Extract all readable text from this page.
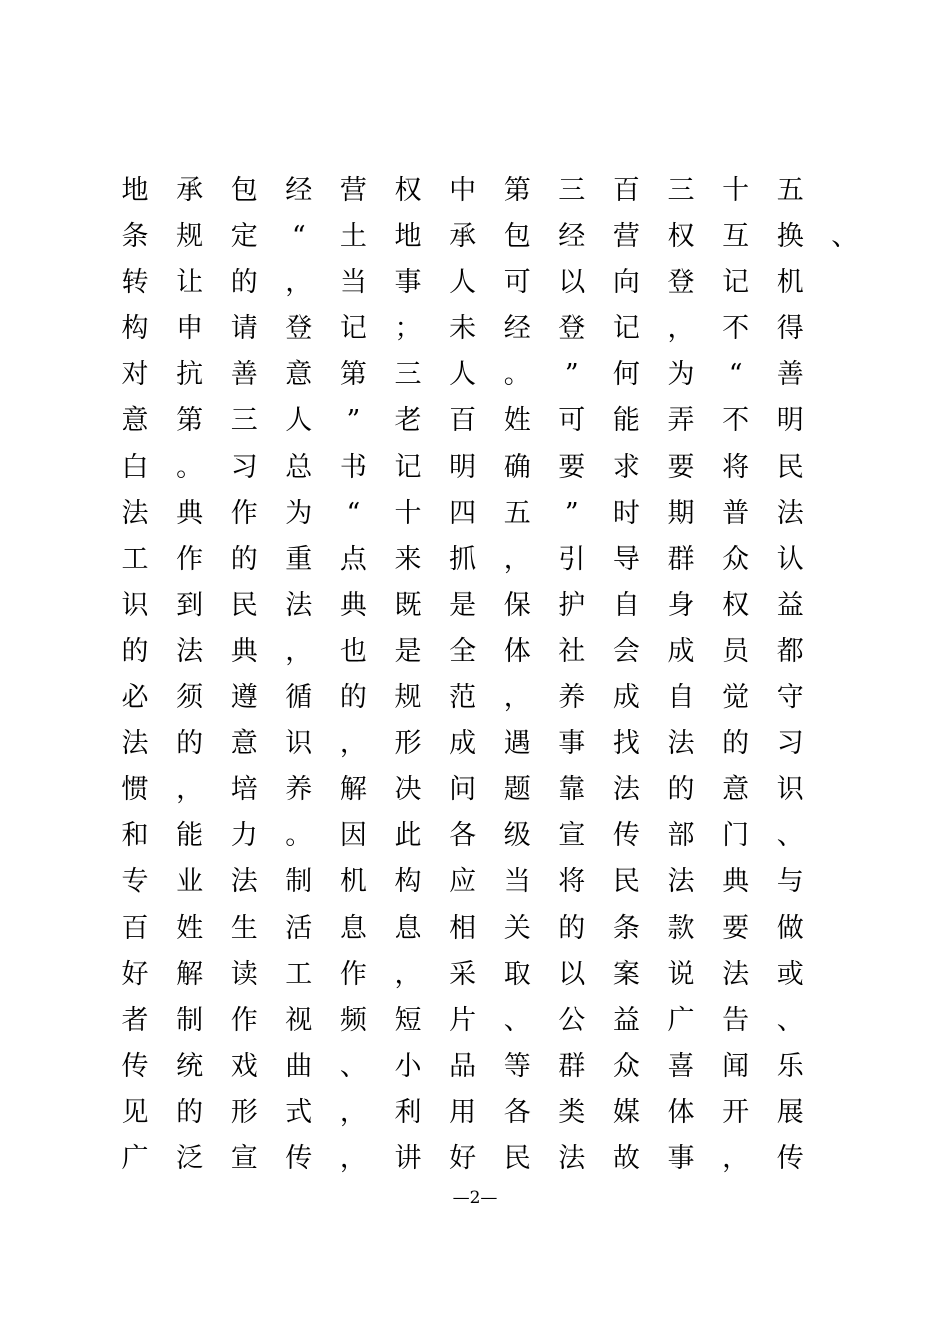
地	承	包	经	营	权	中	第	三	百	三	十	五
条	规	定	“	土	地	承	包	经	营	权	互	换	、
转	让	的	，	当	事	人	可	以	向	登	记	机
构	申	请	登	记	；	未	经	登	记	，	不	得
对	抗	善	意	第	三	人	。	”	何	为	“	善
意	第	三	人	”	老	百	姓	可	能	弄	不	明
白	。	习	总	书	记	明	确	要	求	要	将	民
法	典	作	为	“	十	四	五	”	时	期	普	法
工	作	的	重	点	来	抓	，	引	导	群	众	认
识	到	民	法	典	既	是	保	护	自	身	权	益
的	法	典	，	也	是	全	体	社	会	成	员	都
必	须	遵	循	的	规	范	，	养	成	自	觉	守
法	的	意	识	，	形	成	遇	事	找	法	的	习
惯	，	培	养	解	决	问	题	靠	法	的	意	识
和	能	力	。	因	此	各	级	宣	传	部	门	、
专	业	法	制	机	构	应	当	将	民	法	典	与
百	姓	生	活	息	息	相	关	的	条	款	要	做
好	解	读	工	作	，	采	取	以	案	说	法	或
者	制	作	视	频	短	片	、	公	益	广	告	、
传	统	戏	曲	、	小	品	等	群	众	喜	闻	乐
见	的	形	式	，	利	用	各	类	媒	体	开	展
广	泛	宣	传	，	讲	好	民	法	故	事	，	传
—2—
